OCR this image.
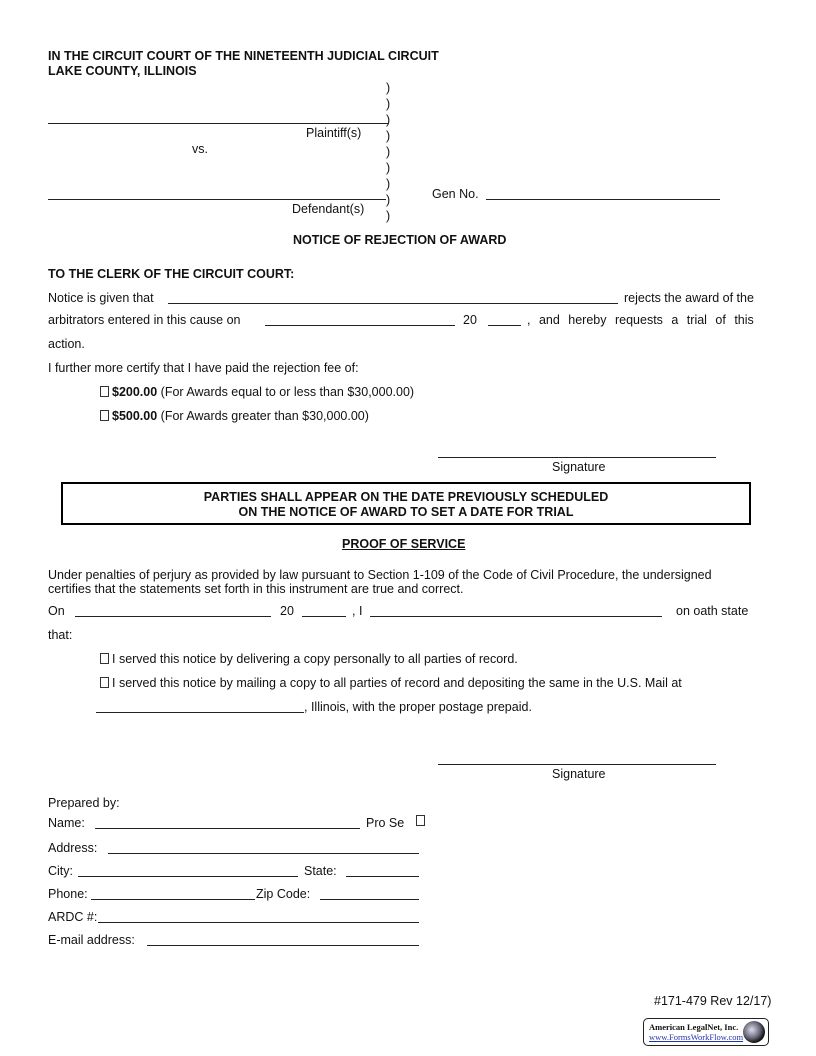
IN THE CIRCUIT COURT OF THE NINETEENTH JUDICIAL CIRCUIT
LAKE COUNTY, ILLINOIS
)
)
)
)
)
)
)
)
)
Plaintiff(s)
vs.
Defendant(s)
Gen No.
NOTICE OF REJECTION OF AWARD
TO THE CLERK OF THE CIRCUIT COURT:
Notice is given that	rejects the award of the
arbitrators entered in this cause on	20	, and hereby requests a trial of this
action.
I further more certify that I have paid the rejection fee of:
$200.00 (For Awards equal to or less than $30,000.00)
$500.00 (For Awards greater than $30,000.00)
Signature
PARTIES SHALL APPEAR ON THE DATE PREVIOUSLY SCHEDULED
ON THE NOTICE OF AWARD TO SET A DATE FOR TRIAL
PROOF OF SERVICE
Under penalties of perjury as provided by law pursuant to Section 1-109 of the Code of Civil Procedure, the undersigned
certifies that the statements set forth in this instrument are true and correct.
On	20	, I	on oath state
that:
I served this notice by delivering a copy personally to all parties of record.
I served this notice by mailing a copy to all parties of record and depositing the same in the U.S. Mail at
, Illinois, with the proper postage prepaid.
Signature
Prepared by:
Name:	Pro Se
Address:
City:	State:
Phone:	Zip Code:
ARDC #:
E-mail address:
#171-479 Rev 12/17)
American LegalNet, Inc.
www.FormsWorkFlow.com
